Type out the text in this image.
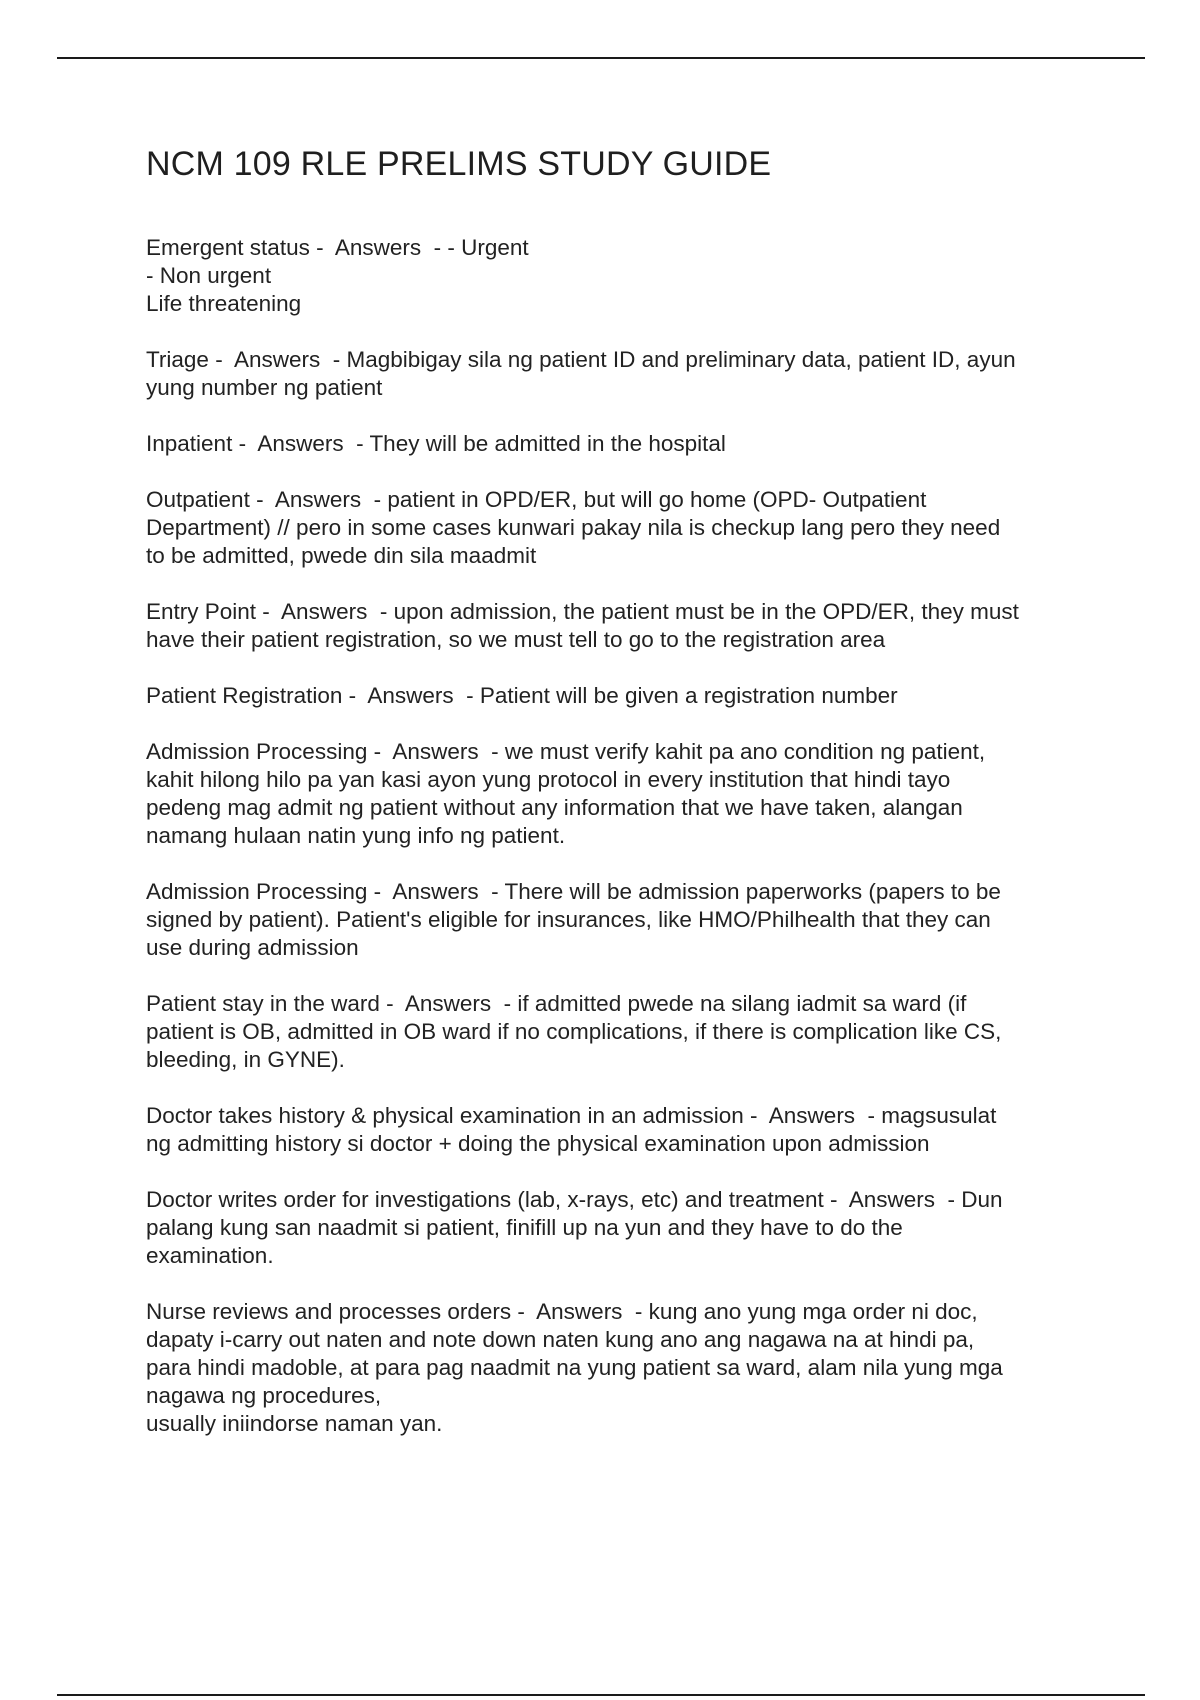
NCM 109 RLE PRELIMS STUDY GUIDE
Emergent status -  Answers  - - Urgent
- Non urgent
Life threatening
Triage -  Answers  - Magbibigay sila ng patient ID and preliminary data, patient ID, ayun
yung number ng patient
Inpatient -  Answers  - They will be admitted in the hospital
Outpatient -  Answers  - patient in OPD/ER, but will go home (OPD- Outpatient
Department) // pero in some cases kunwari pakay nila is checkup lang pero they need
to be admitted, pwede din sila maadmit
Entry Point -  Answers  - upon admission, the patient must be in the OPD/ER, they must
have their patient registration, so we must tell to go to the registration area
Patient Registration -  Answers  - Patient will be given a registration number
Admission Processing -  Answers  - we must verify kahit pa ano condition ng patient,
kahit hilong hilo pa yan kasi ayon yung protocol in every institution that hindi tayo
pedeng mag admit ng patient without any information that we have taken, alangan
namang hulaan natin yung info ng patient.
Admission Processing -  Answers  - There will be admission paperworks (papers to be
signed by patient). Patient's eligible for insurances, like HMO/Philhealth that they can
use during admission
Patient stay in the ward -  Answers  - if admitted pwede na silang iadmit sa ward (if
patient is OB, admitted in OB ward if no complications, if there is complication like CS,
bleeding, in GYNE).
Doctor takes history & physical examination in an admission -  Answers  - magsusulat
ng admitting history si doctor + doing the physical examination upon admission
Doctor writes order for investigations (lab, x-rays, etc) and treatment -  Answers  - Dun
palang kung san naadmit si patient, finifill up na yun and they have to do the
examination.
Nurse reviews and processes orders -  Answers  - kung ano yung mga order ni doc,
dapaty i-carry out naten and note down naten kung ano ang nagawa na at hindi pa,
para hindi madoble, at para pag naadmit na yung patient sa ward, alam nila yung mga
nagawa ng procedures,
usually iniindorse naman yan.
